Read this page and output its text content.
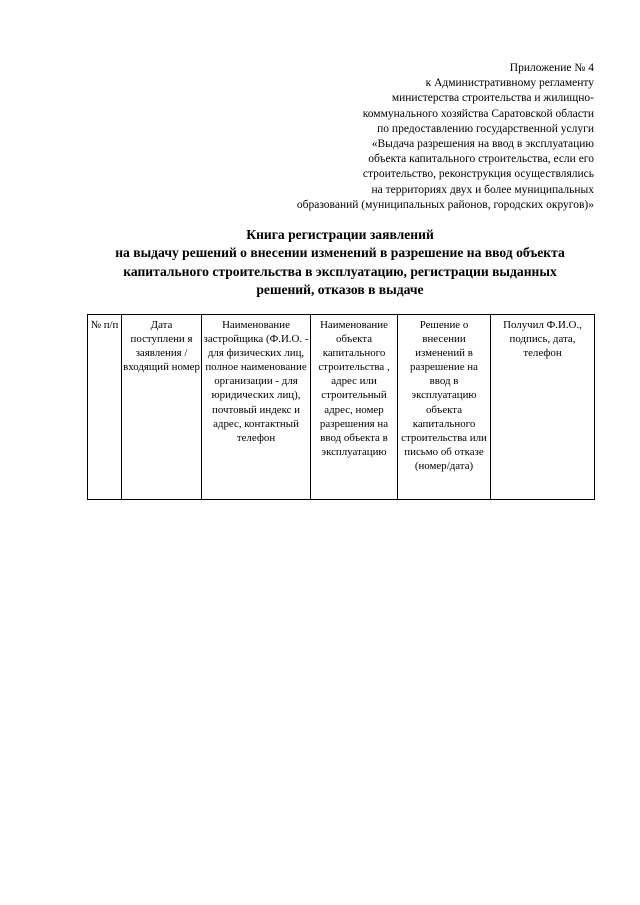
Приложение № 4
к Административному регламенту
министерства строительства и жилищно-
коммунального хозяйства Саратовской области
по предоставлению государственной услуги
«Выдача разрешения на ввод в эксплуатацию
объекта капитального строительства, если его
строительство, реконструкция осуществлялись
на территориях двух и более муниципальных
образований (муниципальных районов, городских округов)»
Книга регистрации заявлений
на выдачу решений о внесении изменений в разрешение на ввод объекта
капитального строительства в эксплуатацию, регистрации выданных
решений, отказов в выдаче
№ п/п	Дата поступлени я заявления / входящий номер	Наименование застройщика (Ф.И.О. - для физических лиц, полное наименование организации - для юридических лиц), почтовый индекс и адрес, контактный телефон	Наименование объекта капитального строительства , адрес или строительный адрес, номер разрешения на ввод объекта в эксплуатацию	Решение о внесении изменений в разрешение на ввод в эксплуатацию объекта капитального строительства или письмо об отказе (номер/дата)	Получил Ф.И.О., подпись, дата, телефон
